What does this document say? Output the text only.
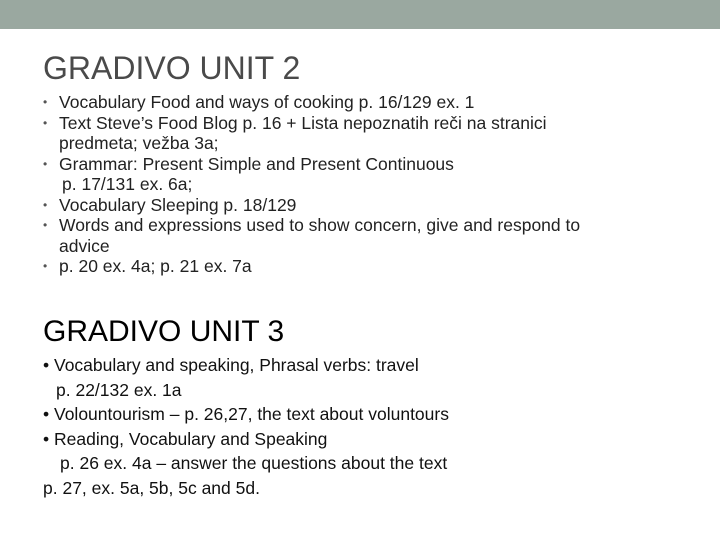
GRADIVO UNIT 2
• Vocabulary Food and ways of cooking p. 16/129 ex. 1
• Text Steve’s Food Blog p. 16 + Lista nepoznatih reči na stranici
predmeta; vežba 3a;
• Grammar: Present Simple and Present Continuous
p. 17/131 ex. 6a;
• Vocabulary Sleeping p. 18/129
• Words and expressions used to show concern, give and respond to
advice
• p. 20 ex. 4a; p. 21 ex. 7a
GRADIVO UNIT 3
• Vocabulary and speaking, Phrasal verbs: travel
p. 22/132 ex. 1a
• Volountourism – p. 26,27, the text about voluntours
• Reading, Vocabulary and Speaking
p. 26 ex. 4a – answer the questions about the text
p. 27, ex. 5a, 5b, 5c and 5d.
